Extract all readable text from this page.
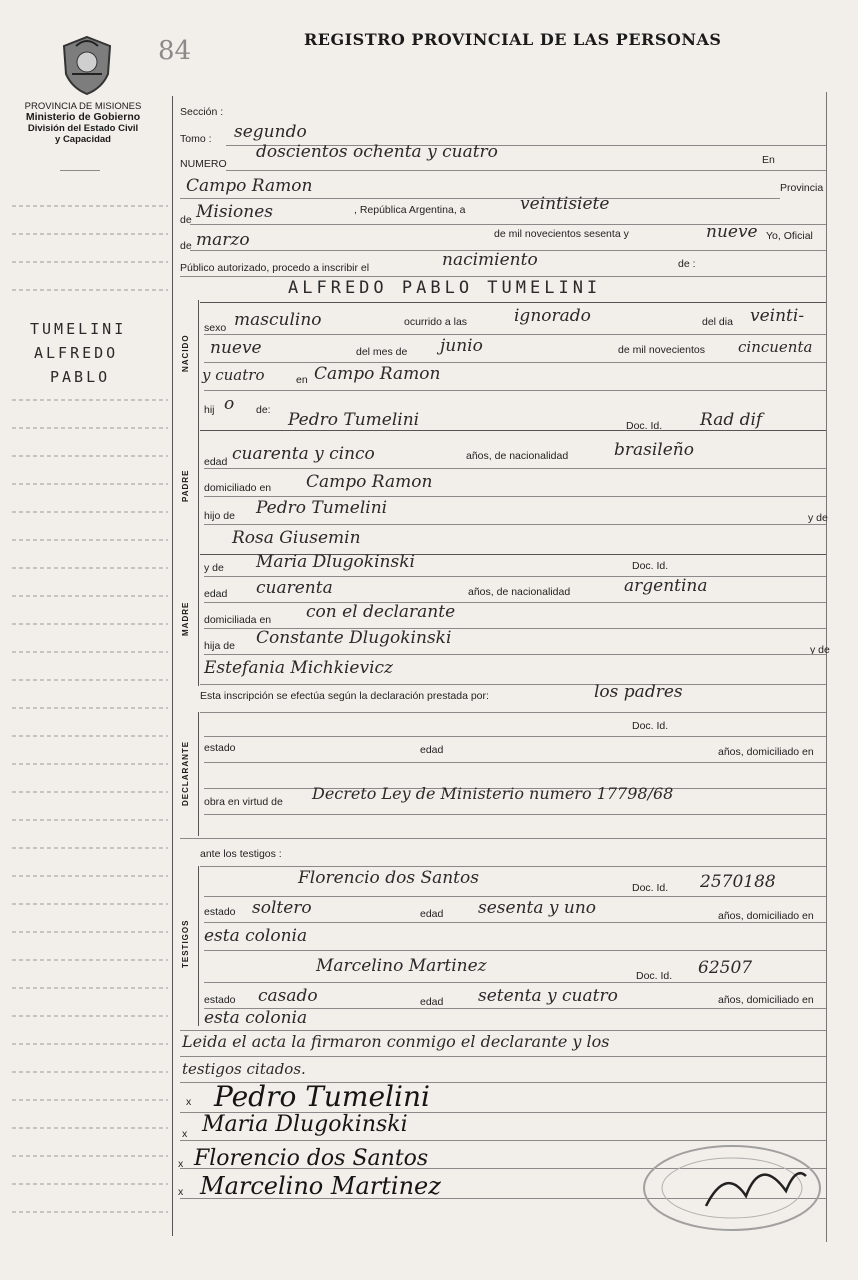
84	REGISTRO PROVINCIAL DE LAS PERSONAS
PROVINCIA DE MISIONES
Ministerio de Gobierno
División del Estado Civil
y Capacidad
TUMELINI
ALFREDO
PABLO
Sección :
Tomo : segundo
NUMERO
doscientos ochenta y cuatro	En
Campo Ramon	Provincia
de Misiones	, República Argentina, a	veintisiete
de marzo	de mil novecientos sesenta y	nueve Yo, Oficial
Público autorizado, procedo a inscribir el	nacimiento	de :
ALFREDO PABLO TUMELINI
NACIDO
sexo masculino	ocurrido a las	ignorado	del dia veinti-
nueve	del mes de junio	de mil novecientos cincuenta
y cuatro	en Campo Ramon
hij o de:
PADRE
Pedro Tumelini	Doc. Id. Rad dif
edad cuarenta y cinco	años, de nacionalidad	brasileño
domiciliado en Campo Ramon
hijo de Pedro Tumelini	y de
Rosa Giusemin
MADRE
y de Maria Dlugokinski	Doc. Id.
edad cuarenta	años, de nacionalidad	argentina
domiciliada en con el declarante
hija de Constante Dlugokinski
y de
Estefania Michkievicz
Esta inscripción se efectúa según la declaración prestada por:	los padres
DECLARANTE
Doc. Id.
estado	edad	años, domiciliado en
obra en virtud de Decreto Ley de Ministerio numero 17798/68
ante los testigos :
TESTIGOS
Florencio dos Santos	Doc. Id. 2570188
estado soltero	edad sesenta y uno	años, domiciliado en
esta colonia
Marcelino Martinez	Doc. Id. 62507
estado casado	edad setenta y cuatro	años, domiciliado en
esta colonia
Leida el acta la firmaron conmigo el declarante y los
testigos citados.
x Pedro Tumelini
x Maria Dlugokinski
x Florencio dos Santos
x Marcelino Martinez
